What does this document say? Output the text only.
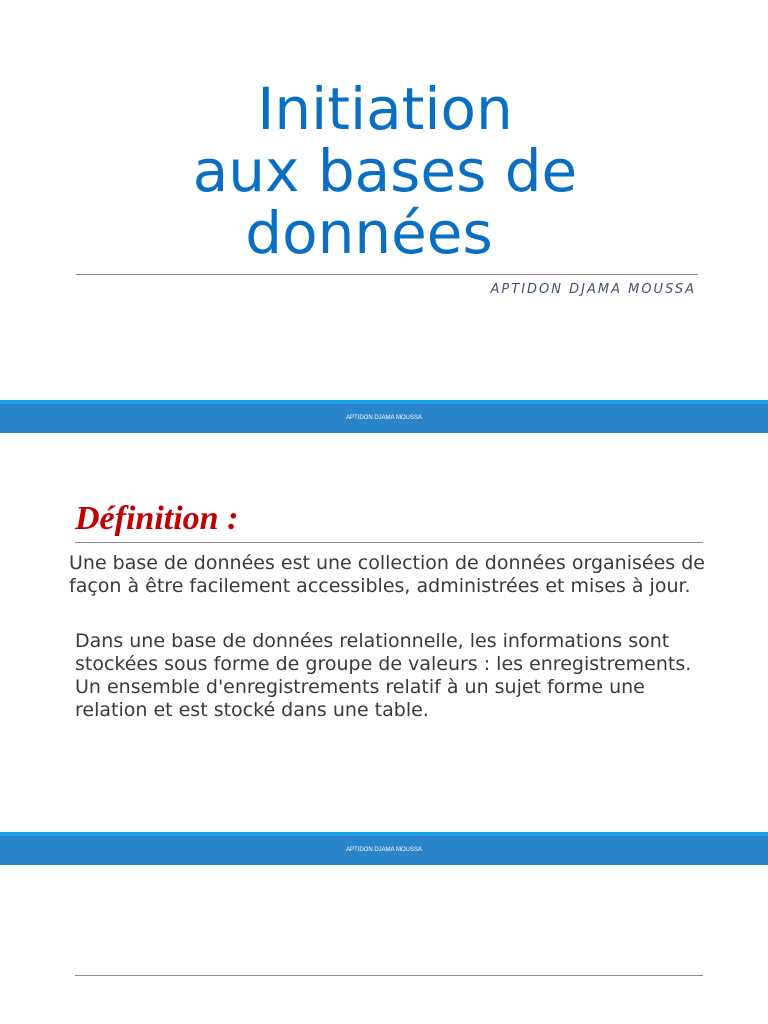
Initiation
aux bases de
données
APTIDON DJAMA MOUSSA
APTIDON DJAMA MOUSSA
Définition :
Une base de données est une collection de données organisées de façon à être facilement accessibles, administrées et mises à jour.
Dans une base de données relationnelle, les informations sont stockées sous forme de groupe de valeurs : les enregistrements. Un ensemble d'enregistrements relatif à un sujet forme une relation et est stocké dans une table.
APTIDON DJAMA MOUSSA
